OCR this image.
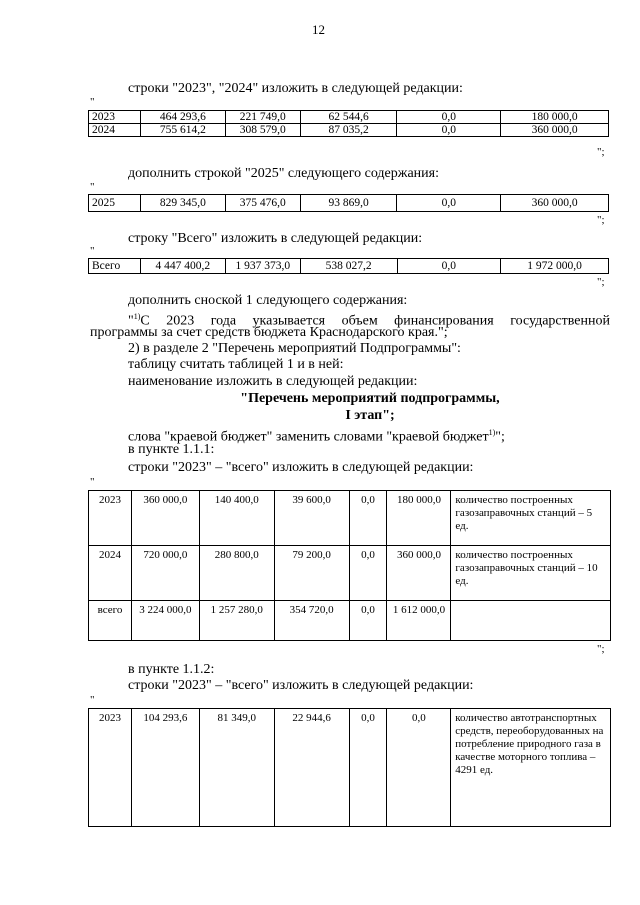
12
строки "2023", "2024" изложить в следующей редакции:
"
2023	464 293,6	221 749,0	62 544,6	0,0	180 000,0
2024	755 614,2	308 579,0	87 035,2	0,0	360 000,0
";
дополнить строкой "2025" следующего содержания:
"
2025	829 345,0	375 476,0	93 869,0	0,0	360 000,0
";
строку "Всего" изложить в следующей редакции:
"
Всего	4 447 400,2	1 937 373,0	538 027,2	0,0	1 972 000,0
";
дополнить сноской 1 следующего содержания:
"$^{1)}$С 2023 года указывается объем финансирования государственной
программы за счет средств бюджета Краснодарского края.";
2) в разделе 2 "Перечень мероприятий Подпрограммы":
таблицу считать таблицей 1 и в ней:
наименование изложить в следующей редакции:
"Перечень мероприятий подпрограммы,
I этап";
слова "краевой бюджет" заменить словами "краевой бюджет$^{1)}$";
в пункте 1.1.1:
строки "2023" – "всего" изложить в следующей редакции:
"
2023	360 000,0	140 400,0	39 600,0	0,0	180 000,0	количество построенных газозаправочных станций – 5 ед.
2024	720 000,0	280 800,0	79 200,0	0,0	360 000,0	количество построенных газозаправочных станций – 10 ед.
всего	3 224 000,0	1 257 280,0	354 720,0	0,0	1 612 000,0	
";
в пункте 1.1.2:
строки "2023" – "всего" изложить в следующей редакции:
"
2023	104 293,6	81 349,0	22 944,6	0,0	0,0	количество автотранспортных средств, переоборудованных на потребление природного газа в качестве моторного топлива – 4291 ед.
